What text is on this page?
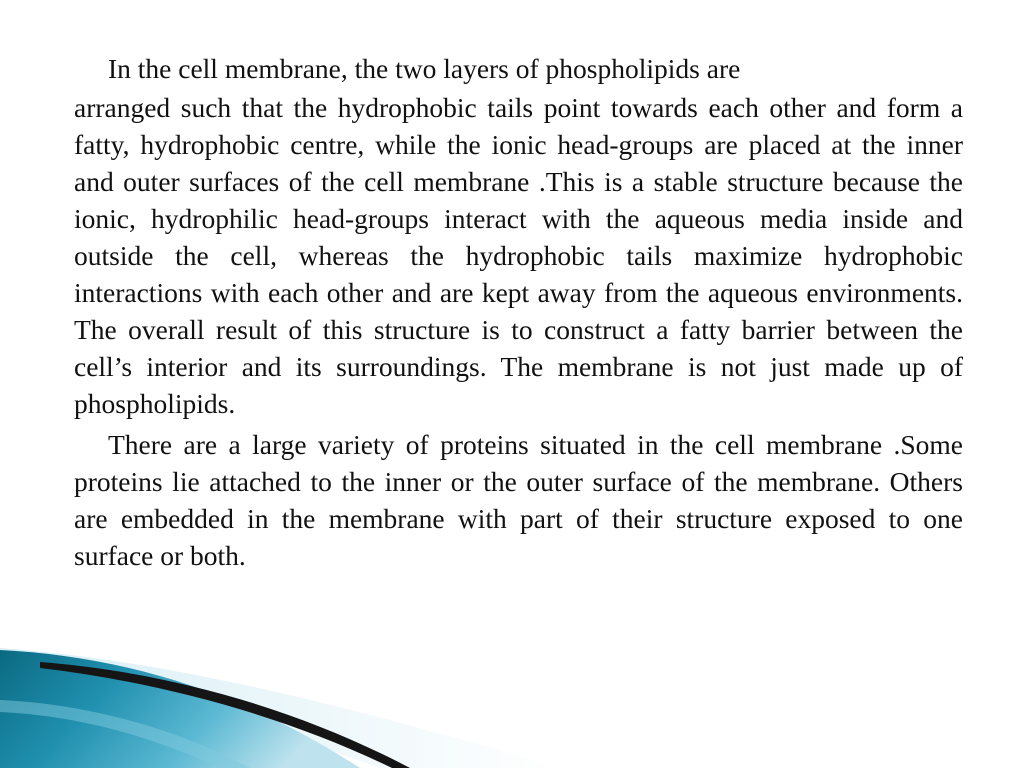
In the cell membrane, the two layers of phospholipids are
arranged such that the hydrophobic tails point towards each other and form a fatty, hydrophobic centre, while the ionic head-groups are placed at the inner and outer surfaces of the cell membrane .This is a stable structure because the ionic, hydrophilic head-groups interact with the aqueous media inside and outside the cell, whereas the hydrophobic tails maximize hydrophobic interactions with each other and are kept away from the aqueous environments. The overall result of this structure is to construct a fatty barrier between the cell’s interior and its surroundings. The membrane is not just made up of phospholipids.

There are a large variety of proteins situated in the cell membrane .Some proteins lie attached to the inner or the outer surface of the membrane. Others are embedded in the membrane with part of their structure exposed to one surface or both.
